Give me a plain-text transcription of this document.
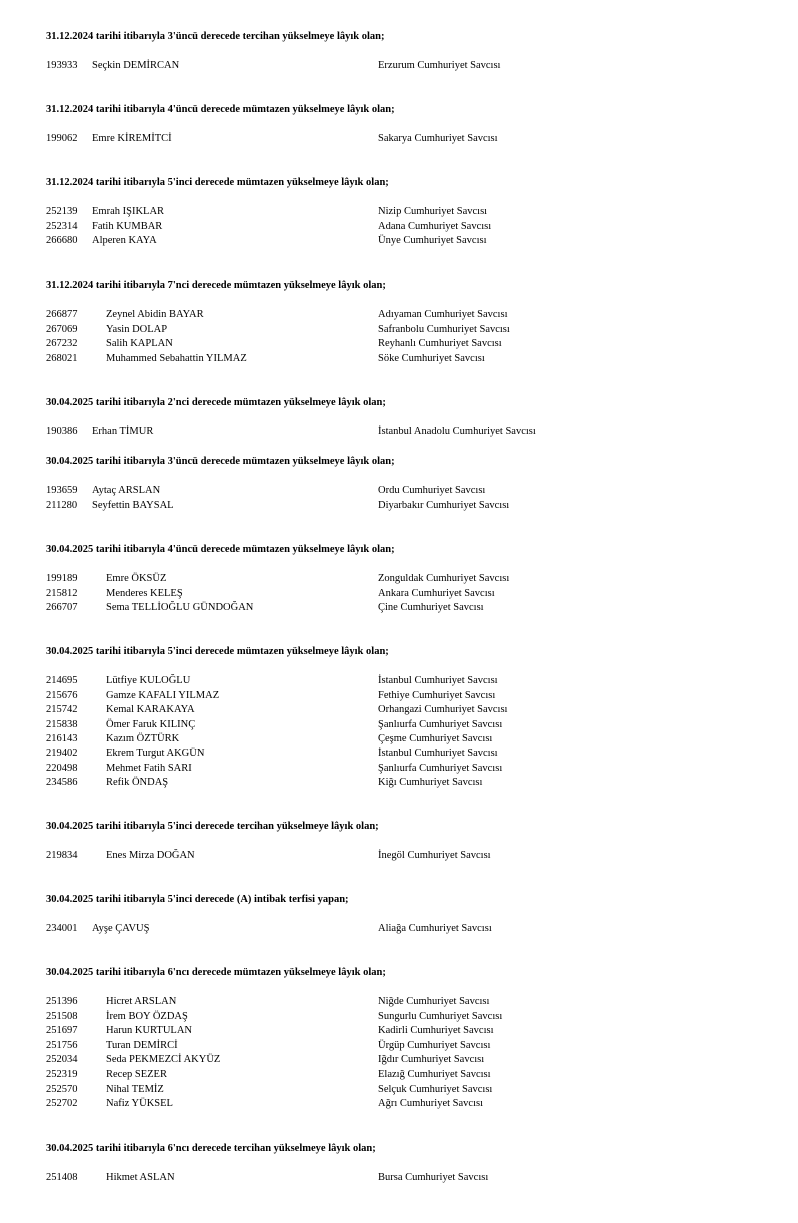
31.12.2024 tarihi itibarıyla 3'üncü derecede tercihan yükselmeye lâyık olan;
193933 Seçkin DEMİRCAN	Erzurum Cumhuriyet Savcısı
31.12.2024 tarihi itibarıyla 4'üncü derecede mümtazen yükselmeye lâyık olan;
199062 Emre KİREMİTCİ	Sakarya Cumhuriyet Savcısı
31.12.2024 tarihi itibarıyla 5'inci derecede mümtazen yükselmeye lâyık olan;
252139 Emrah IŞIKLAR	Nizip Cumhuriyet Savcısı
252314 Fatih KUMBAR	Adana Cumhuriyet Savcısı
266680 Alperen KAYA	Ünye Cumhuriyet Savcısı
31.12.2024 tarihi itibarıyla 7'nci derecede mümtazen yükselmeye lâyık olan;
266877	Zeynel Abidin BAYAR	Adıyaman Cumhuriyet Savcısı
267069	Yasin DOLAP	Safranbolu Cumhuriyet Savcısı
267232	Salih KAPLAN	Reyhanlı Cumhuriyet Savcısı
268021	Muhammed Sebahattin YILMAZ	Söke Cumhuriyet Savcısı
30.04.2025 tarihi itibarıyla 2'nci derecede mümtazen yükselmeye lâyık olan;
190386 Erhan TİMUR	İstanbul Anadolu Cumhuriyet Savcısı
30.04.2025 tarihi itibarıyla 3'üncü derecede mümtazen yükselmeye lâyık olan;
193659 Aytaç ARSLAN	Ordu Cumhuriyet Savcısı
211280 Seyfettin BAYSAL	Diyarbakır Cumhuriyet Savcısı
30.04.2025 tarihi itibarıyla 4'üncü derecede mümtazen yükselmeye lâyık olan;
199189	Emre ÖKSÜZ	Zonguldak Cumhuriyet Savcısı
215812	Menderes KELEŞ	Ankara Cumhuriyet Savcısı
266707	Sema TELLİOĞLU GÜNDOĞAN	Çine Cumhuriyet Savcısı
30.04.2025 tarihi itibarıyla 5'inci derecede mümtazen yükselmeye lâyık olan;
214695	Lütfiye KULOĞLU	İstanbul Cumhuriyet Savcısı
215676	Gamze KAFALI YILMAZ	Fethiye Cumhuriyet Savcısı
215742	Kemal KARAKAYA	Orhangazi Cumhuriyet Savcısı
215838	Ömer Faruk KILINÇ	Şanlıurfa Cumhuriyet Savcısı
216143	Kazım ÖZTÜRK	Çeşme Cumhuriyet Savcısı
219402	Ekrem Turgut AKGÜN	İstanbul Cumhuriyet Savcısı
220498	Mehmet Fatih SARI	Şanlıurfa Cumhuriyet Savcısı
234586	Refik ÖNDAŞ	Kiğı Cumhuriyet Savcısı
30.04.2025 tarihi itibarıyla 5'inci derecede tercihan yükselmeye lâyık olan;
219834	Enes Mirza DOĞAN	İnegöl Cumhuriyet Savcısı
30.04.2025 tarihi itibarıyla 5'inci derecede (A) intibak terfisi yapan;
234001 Ayşe ÇAVUŞ	Aliağa Cumhuriyet Savcısı
30.04.2025 tarihi itibarıyla 6'ncı derecede mümtazen yükselmeye lâyık olan;
251396	Hicret ARSLAN	Niğde Cumhuriyet Savcısı
251508	İrem BOY ÖZDAŞ	Sungurlu Cumhuriyet Savcısı
251697	Harun KURTULAN	Kadirli Cumhuriyet Savcısı
251756	Turan DEMİRCİ	Ürgüp Cumhuriyet Savcısı
252034	Seda PEKMEZCİ AKYÜZ	Iğdır Cumhuriyet Savcısı
252319	Recep SEZER	Elazığ Cumhuriyet Savcısı
252570	Nihal TEMİZ	Selçuk Cumhuriyet Savcısı
252702	Nafiz YÜKSEL	Ağrı Cumhuriyet Savcısı
30.04.2025 tarihi itibarıyla 6'ncı derecede tercihan yükselmeye lâyık olan;
251408	Hikmet ASLAN	Bursa Cumhuriyet Savcısı
